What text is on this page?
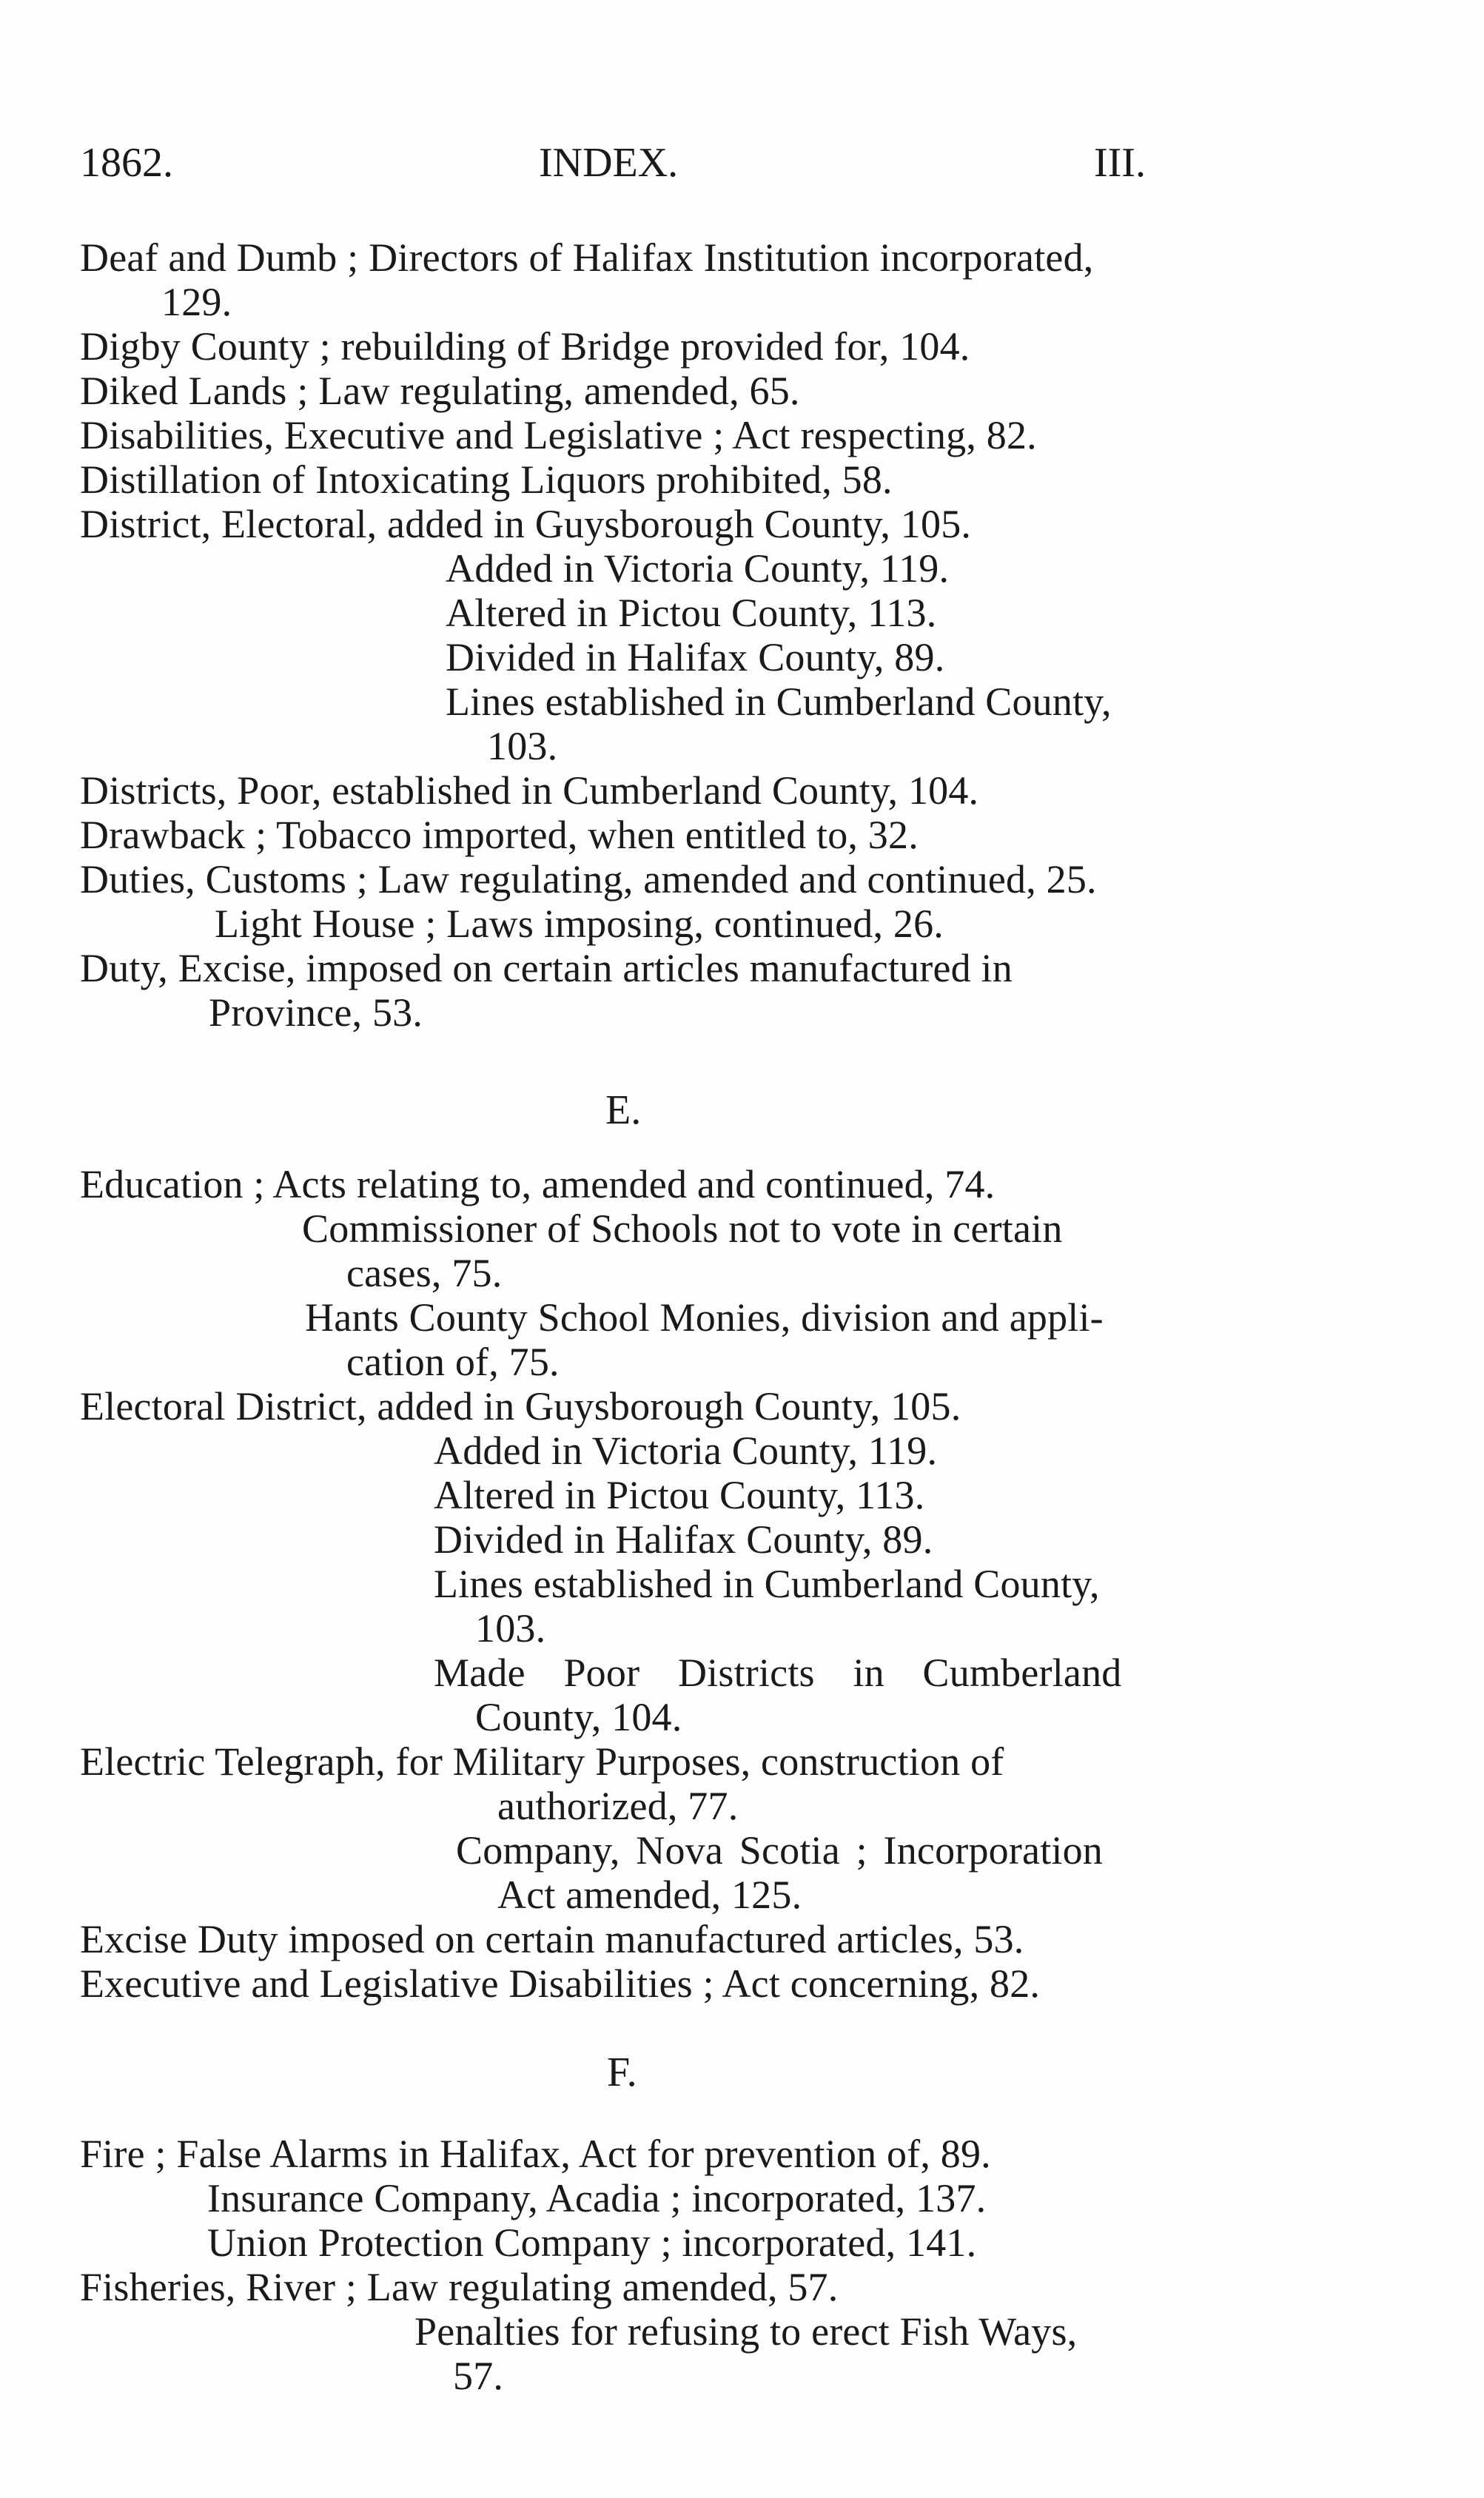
1862.	INDEX.	III.
Deaf and Dumb ; Directors of Halifax Institution incorporated,
129.
Digby County ; rebuilding of Bridge provided for, 104.
Diked Lands ; Law regulating, amended, 65.
Disabilities, Executive and Legislative ; Act respecting, 82.
Distillation of Intoxicating Liquors prohibited, 58.
District, Electoral, added in Guysborough County, 105.
Added in Victoria County, 119.
Altered in Pictou County, 113.
Divided in Halifax County, 89.
Lines established in Cumberland County,
103.
Districts, Poor, established in Cumberland County, 104.
Drawback ; Tobacco imported, when entitled to, 32.
Duties, Customs ; Law regulating, amended and continued, 25.
Light House ; Laws imposing, continued, 26.
Duty, Excise, imposed on certain articles manufactured in
Province, 53.
E.
Education ; Acts relating to, amended and continued, 74.
Commissioner of Schools not to vote in certain
cases, 75.
Hants County School Monies, division and appli-
cation of, 75.
Electoral District, added in Guysborough County, 105.
Added in Victoria County, 119.
Altered in Pictou County, 113.
Divided in Halifax County, 89.
Lines established in Cumberland County,
103.
Made Poor Districts in Cumberland
County, 104.
Electric Telegraph, for Military Purposes, construction of
authorized, 77.
Company, Nova Scotia ; Incorporation
Act amended, 125.
Excise Duty imposed on certain manufactured articles, 53.
Executive and Legislative Disabilities ; Act concerning, 82.
F.
Fire ; False Alarms in Halifax, Act for prevention of, 89.
Insurance Company, Acadia ; incorporated, 137.
Union Protection Company ; incorporated, 141.
Fisheries, River ; Law regulating amended, 57.
Penalties for refusing to erect Fish Ways,
57.
